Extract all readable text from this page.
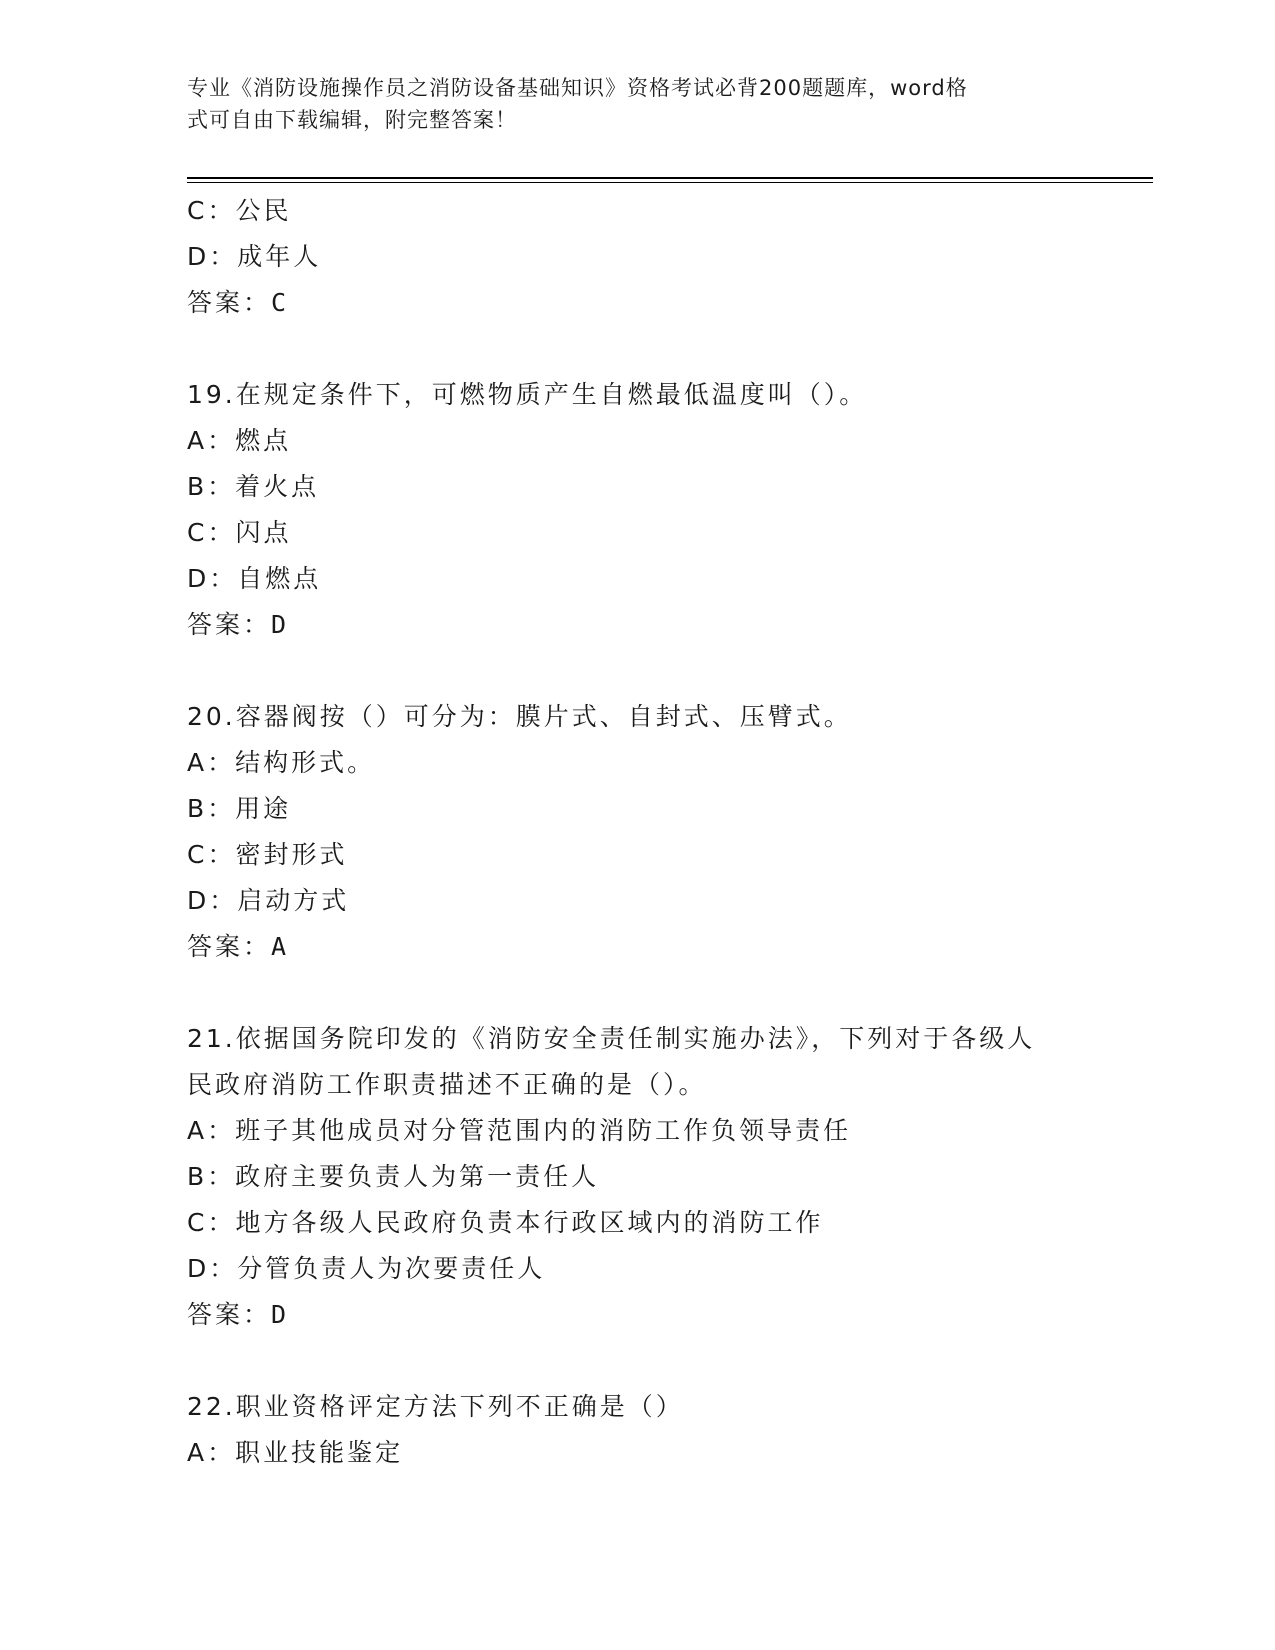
专业《消防设施操作员之消防设备基础知识》资格考试必背200题题库，word格
式可自由下载编辑，附完整答案！
C：公民
D：成年人
答案：C
19.在规定条件下，可燃物质产生自燃最低温度叫（）。
A：燃点
B：着火点
C：闪点
D：自燃点
答案：D
20.容器阀按（）可分为：膜片式、自封式、压臂式。
A：结构形式。
B：用途
C：密封形式
D：启动方式
答案：A
21.依据国务院印发的《消防安全责任制实施办法》，下列对于各级人
民政府消防工作职责描述不正确的是（）。
A：班子其他成员对分管范围内的消防工作负领导责任
B：政府主要负责人为第一责任人
C：地方各级人民政府负责本行政区域内的消防工作
D：分管负责人为次要责任人
答案：D
22.职业资格评定方法下列不正确是（）
A：职业技能鉴定
